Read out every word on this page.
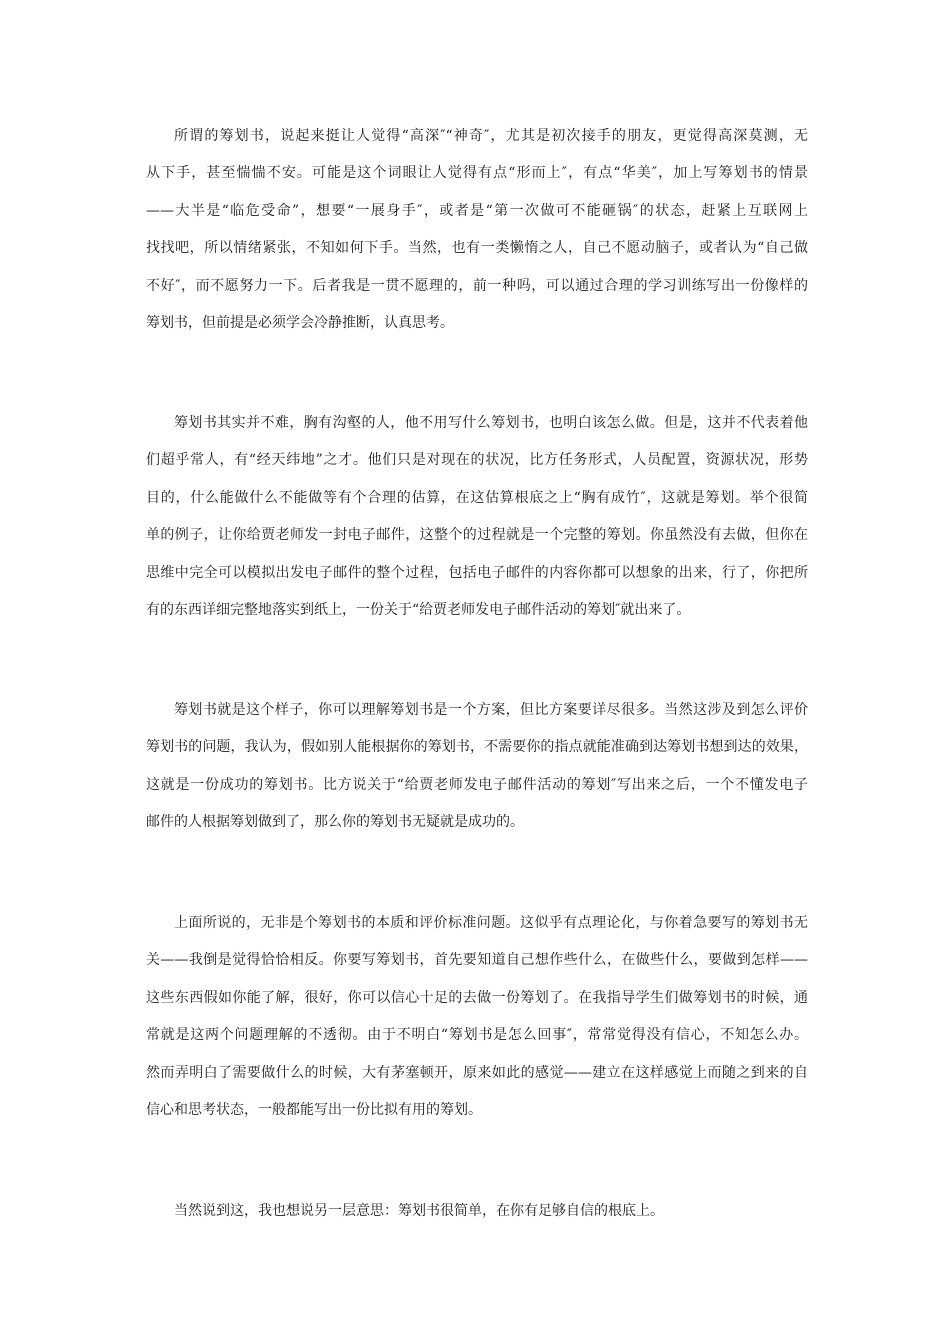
所谓的筹划书，说起来挺让人觉得“高深″“神奇″，尤其是初次接手的朋友，更觉得高深莫测，无
从下手，甚至惴惴不安。可能是这个词眼让人觉得有点“形而上″，有点“华美″，加上写筹划书的情景
——大半是“临危受命”，想要“一展身手″，或者是“第一次做可不能砸锅″的状态，赶紧上互联网上
找找吧，所以情绪紧张，不知如何下手。当然，也有一类懒惰之人，自己不愿动脑子，或者认为“自己做
不好″，而不愿努力一下。后者我是一贯不愿理的，前一种吗，可以通过合理的学习训练写出一份像样的
筹划书，但前提是必须学会冷静推断，认真思考。
筹划书其实并不难，胸有沟壑的人，他不用写什么筹划书，也明白该怎么做。但是，这并不代表着他
们超乎常人，有“经天纬地”之才。他们只是对现在的状况，比方任务形式，人员配置，资源状况，形势
目的，什么能做什么不能做等有个合理的估算，在这估算根底之上“胸有成竹″，这就是筹划。举个很简
单的例子，让你给贾老师发一封电子邮件，这整个的过程就是一个完整的筹划。你虽然没有去做，但你在
思维中完全可以模拟出发电子邮件的整个过程，包括电子邮件的内容你都可以想象的出来，行了，你把所
有的东西详细完整地落实到纸上，一份关于“给贾老师发电子邮件活动的筹划″就出来了。
筹划书就是这个样子，你可以理解筹划书是一个方案，但比方案要详尽很多。当然这涉及到怎么评价
筹划书的问题，我认为，假如别人能根据你的筹划书，不需要你的指点就能准确到达筹划书想到达的效果，
这就是一份成功的筹划书。比方说关于“给贾老师发电子邮件活动的筹划″写出来之后，一个不懂发电子
邮件的人根据筹划做到了，那么你的筹划书无疑就是成功的。
上面所说的，无非是个筹划书的本质和评价标准问题。这似乎有点理论化，与你着急要写的筹划书无
关——我倒是觉得恰恰相反。你要写筹划书，首先要知道自己想作些什么，在做些什么，要做到怎样——
这些东西假如你能了解，很好，你可以信心十足的去做一份筹划了。在我指导学生们做筹划书的时候，通
常就是这两个问题理解的不透彻。由于不明白“筹划书是怎么回事″，常常觉得没有信心，不知怎么办。
然而弄明白了需要做什么的时候，大有茅塞顿开，原来如此的感觉——建立在这样感觉上而随之到来的自
信心和思考状态，一般都能写出一份比拟有用的筹划。
当然说到这，我也想说另一层意思：筹划书很简单，在你有足够自信的根底上。
